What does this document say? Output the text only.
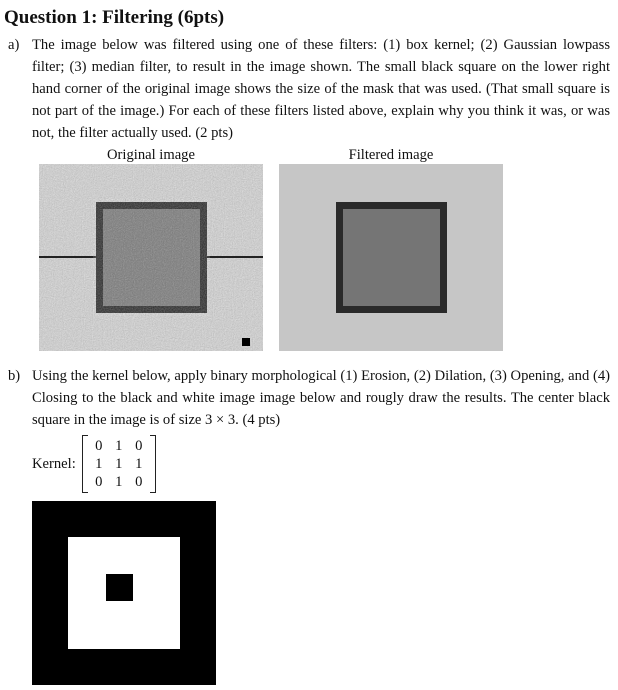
Question 1: Filtering (6pts)
a) The image below was filtered using one of these filters: (1) box kernel; (2) Gaussian lowpass filter; (3) median filter, to result in the image shown. The small black square on the lower right hand corner of the original image shows the size of the mask that was used. (That small square is not part of the image.) For each of these filters listed above, explain why you think it was, or was not, the filter actually used. (2 pts)
Original image	Filtered image
b) Using the kernel below, apply binary morphological (1) Erosion, (2) Dilation, (3) Opening, and (4) Closing to the black and white image image below and rougly draw the results. The center black square in the image is of size 3 × 3. (4 pts)
Kernel:
0 1 0
1 1 1
0 1 0
